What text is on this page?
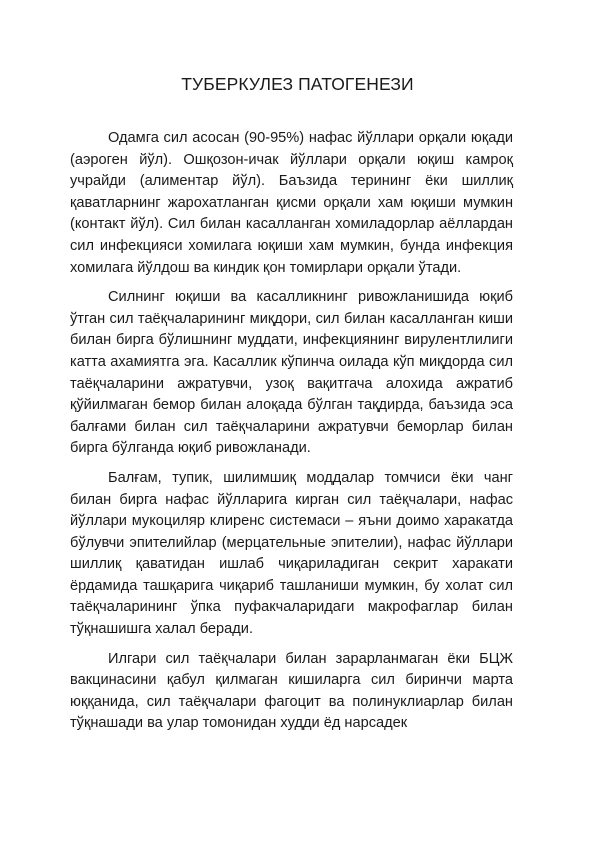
ТУБЕРКУЛЕЗ ПАТОГЕНЕЗИ

Одамга сил асосан (90-95%) нафас йўллари орқали юқади (аэроген йўл). Ошқозон-ичак йўллари орқали юқиш камроқ учрайди (алиментар йўл). Баъзида терининг ёки шиллиқ қаватларнинг жарохатланган қисми орқали хам юқиши мумкин (контакт йўл). Сил билан касалланган хомиладорлар аёллардан сил инфекцияси хомилага юқиши хам мумкин, бунда инфекция хомилага йўлдош ва киндик қон томирлари орқали ўтади.

Силнинг юқиши ва касалликнинг ривожланишида юқиб ўтган сил таёқчаларининг миқдори, сил билан касалланган киши билан бирга бўлишнинг муддати, инфекциянинг вирулентлилиги катта ахамиятга эга. Касаллик кўпинча оилада кўп миқдорда сил таёқчаларини ажратувчи, узоқ вақитгача алохида ажратиб қўйилмаган бемор билан алоқада бўлган тақдирда, баъзида эса балғами билан сил таёқчаларини ажратувчи беморлар билан бирга бўлганда юқиб ривожланади.

Балғам, тупик, шилимшиқ моддалар томчиси ёки чанг билан бирга нафас йўлларига кирган сил таёқчалари, нафас йўллари мукоциляр клиренс системаси – яъни доимо харакатда бўлувчи эпителийлар (мерцательные эпителии), нафас йўллари шиллиқ қаватидан ишлаб чиқариладиган секрит харакати ёрдамида ташқарига чиқариб ташланиши мумкин, бу холат сил таёқчаларининг ўпка пуфакчаларидаги макрофаглар билан тўқнашишга халал беради.

Илгари сил таёқчалари билан зарарланмаган ёки БЦЖ вакцинасини қабул қилмаган кишиларга сил биринчи марта юққанида, сил таёқчалари фагоцит ва полинуклиарлар билан тўқнашади ва улар томонидан худди ёд нарсадек
